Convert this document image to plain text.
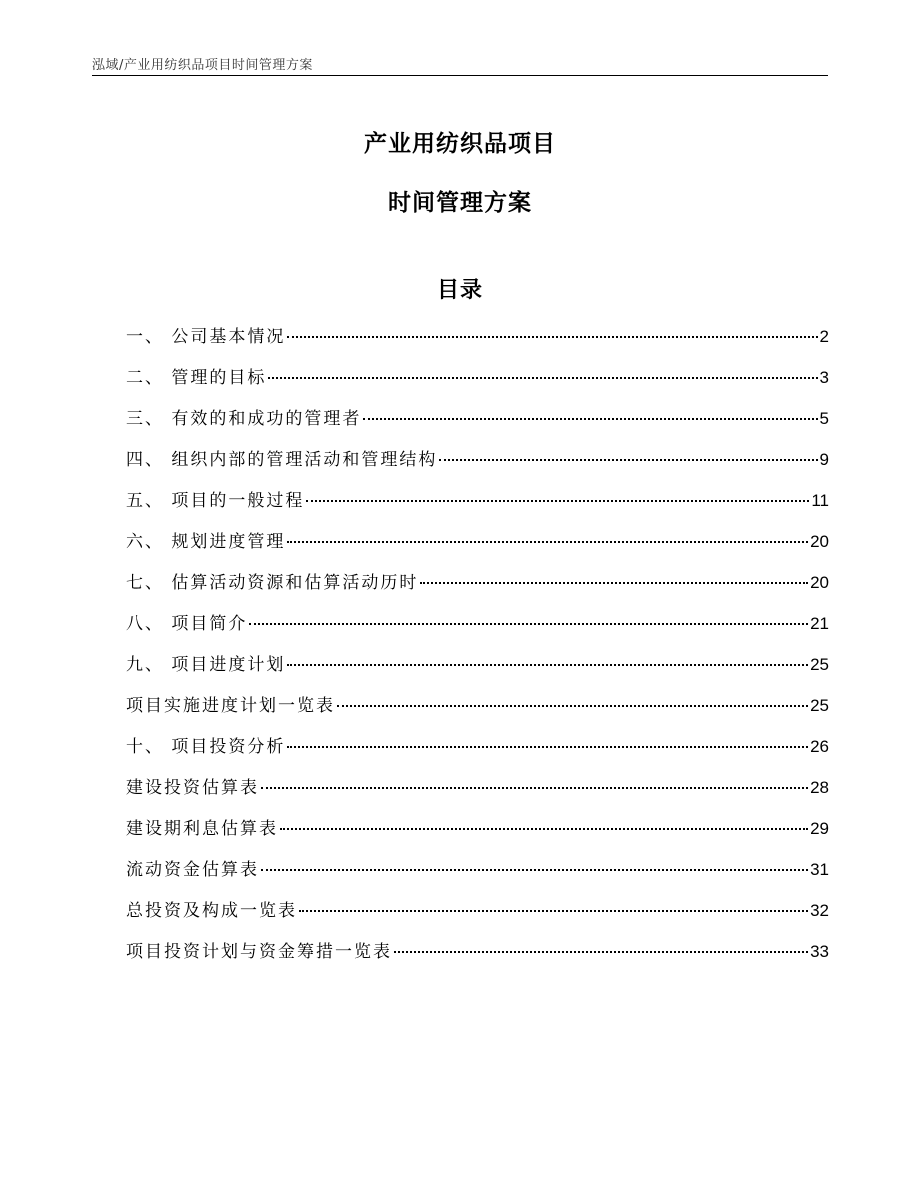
泓域/产业用纺织品项目时间管理方案
产业用纺织品项目
时间管理方案
目录
一、 公司基本情况	2
二、 管理的目标	3
三、 有效的和成功的管理者	5
四、 组织内部的管理活动和管理结构	9
五、 项目的一般过程	11
六、 规划进度管理	20
七、 估算活动资源和估算活动历时	20
八、 项目简介	21
九、 项目进度计划	25
项目实施进度计划一览表	25
十、 项目投资分析	26
建设投资估算表	28
建设期利息估算表	29
流动资金估算表	31
总投资及构成一览表	32
项目投资计划与资金筹措一览表	33
